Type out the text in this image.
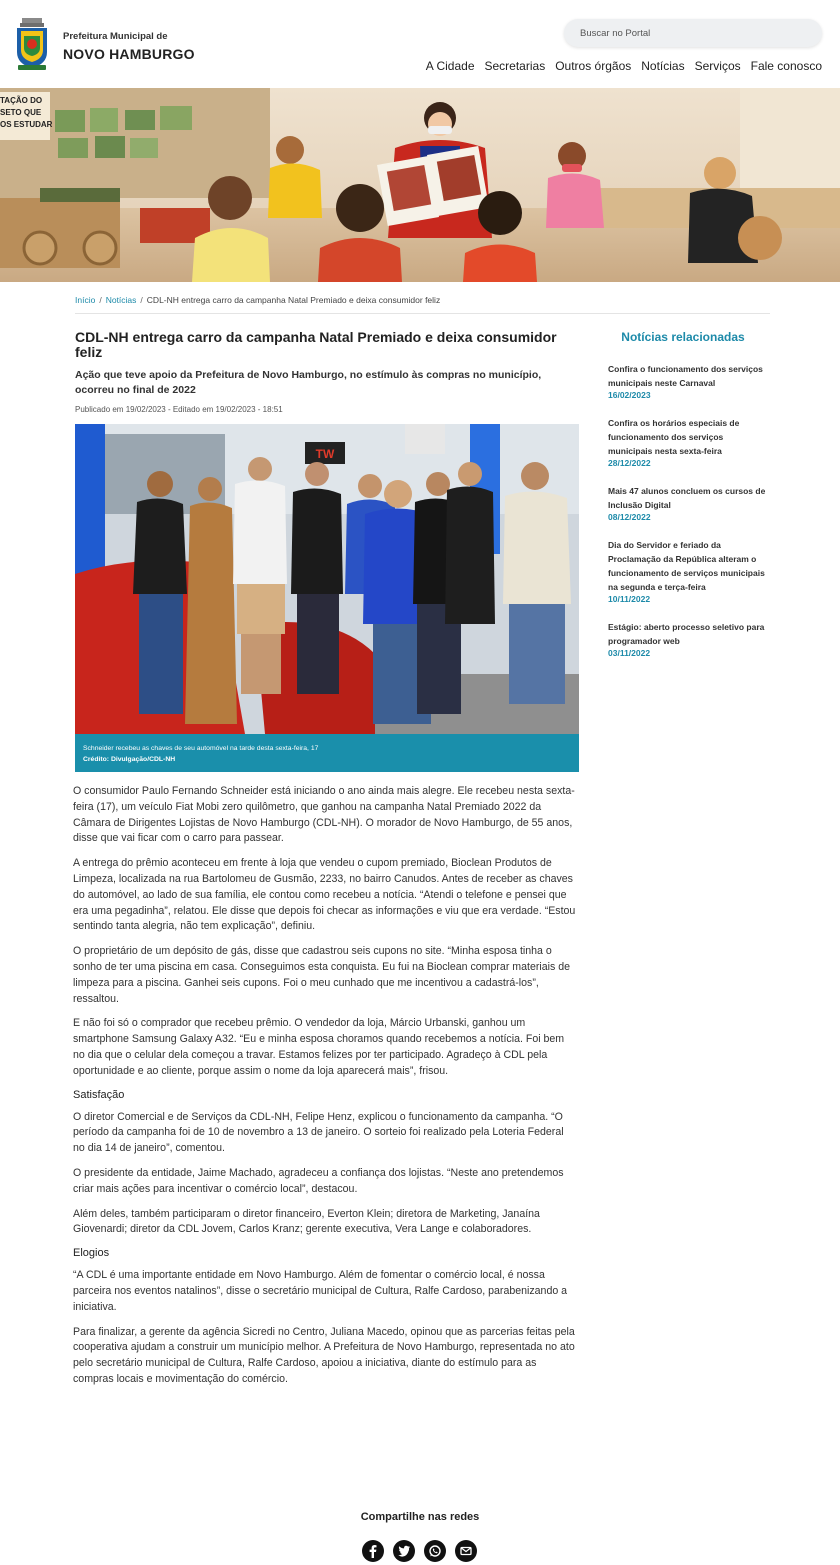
Prefeitura Municipal de
NOVO HAMBURGO
Buscar no Portal
A Cidade Secretarias Outros órgãos Notícias Serviços Fale conosco
TAÇÃO DO
SETO QUE
OS ESTUDAR
Início / Notícias / CDL-NH entrega carro da campanha Natal Premiado e deixa consumidor feliz
CDL-NH entrega carro da campanha Natal Premiado e deixa consumidor feliz
Ação que teve apoio da Prefeitura de Novo Hamburgo, no estímulo às compras no município, ocorreu no final de 2022
Publicado em 19/02/2023 - Editado em 19/02/2023 - 18:51
TW
Schneider recebeu as chaves de seu automóvel na tarde desta sexta-feira, 17
Crédito: Divulgação/CDL-NH

O consumidor Paulo Fernando Schneider está iniciando o ano ainda mais alegre. Ele recebeu nesta sexta-feira (17), um veículo Fiat Mobi zero quilômetro, que ganhou na campanha Natal Premiado 2022 da Câmara de Dirigentes Lojistas de Novo Hamburgo (CDL-NH). O morador de Novo Hamburgo, de 55 anos, disse que vai ficar com o carro para passear.

A entrega do prêmio aconteceu em frente à loja que vendeu o cupom premiado, Bioclean Produtos de Limpeza, localizada na rua Bartolomeu de Gusmão, 2233, no bairro Canudos. Antes de receber as chaves do automóvel, ao lado de sua família, ele contou como recebeu a notícia. “Atendi o telefone e pensei que era uma pegadinha”, relatou. Ele disse que depois foi checar as informações e viu que era verdade. “Estou sentindo tanta alegria, não tem explicação”, definiu.

O proprietário de um depósito de gás, disse que cadastrou seis cupons no site. “Minha esposa tinha o sonho de ter uma piscina em casa. Conseguimos esta conquista. Eu fui na Bioclean comprar materiais de limpeza para a piscina. Ganhei seis cupons. Foi o meu cunhado que me incentivou a cadastrá-los”, ressaltou.

E não foi só o comprador que recebeu prêmio. O vendedor da loja, Márcio Urbanski, ganhou um smartphone Samsung Galaxy A32. “Eu e minha esposa choramos quando recebemos a notícia. Foi bem no dia que o celular dela começou a travar. Estamos felizes por ter participado. Agradeço à CDL pela oportunidade e ao cliente, porque assim o nome da loja aparecerá mais”, frisou.

Satisfação

O diretor Comercial e de Serviços da CDL-NH, Felipe Henz, explicou o funcionamento da campanha. “O período da campanha foi de 10 de novembro a 13 de janeiro. O sorteio foi realizado pela Loteria Federal no dia 14 de janeiro”, comentou.

O presidente da entidade, Jaime Machado, agradeceu a confiança dos lojistas. “Neste ano pretendemos criar mais ações para incentivar o comércio local”, destacou.

Além deles, também participaram o diretor financeiro, Everton Klein; diretora de Marketing, Janaína Giovenardi; diretor da CDL Jovem, Carlos Kranz; gerente executiva, Vera Lange e colaboradores.

Elogios

“A CDL é uma importante entidade em Novo Hamburgo. Além de fomentar o comércio local, é nossa parceira nos eventos natalinos”, disse o secretário municipal de Cultura, Ralfe Cardoso, parabenizando a iniciativa.

Para finalizar, a gerente da agência Sicredi no Centro, Juliana Macedo, opinou que as parcerias feitas pela cooperativa ajudam a construir um município melhor. A Prefeitura de Novo Hamburgo, representada no ato pelo secretário municipal de Cultura, Ralfe Cardoso, apoiou a iniciativa, diante do estímulo para as compras locais e movimentação do comércio.

Notícias relacionadas
Confira o funcionamento dos serviços municipais neste Carnaval
16/02/2023
Confira os horários especiais de funcionamento dos serviços municipais nesta sexta-feira
28/12/2022
Mais 47 alunos concluem os cursos de Inclusão Digital
08/12/2022
Dia do Servidor e feriado da Proclamação da República alteram o funcionamento de serviços municipais na segunda e terça-feira
10/11/2022
Estágio: aberto processo seletivo para programador web
03/11/2022
Compartilhe nas redes
